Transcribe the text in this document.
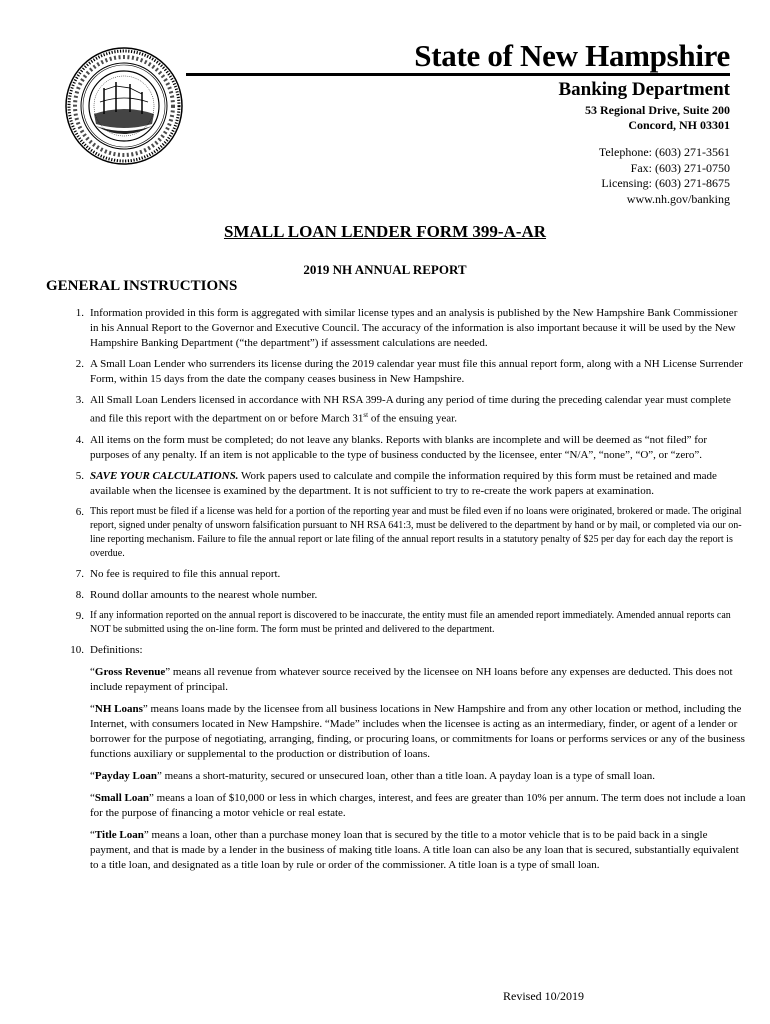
State of New Hampshire
Banking Department
53 Regional Drive, Suite 200
Concord, NH 03301
Telephone: (603) 271-3561
Fax: (603) 271-0750
Licensing: (603) 271-8675
www.nh.gov/banking
SMALL LOAN LENDER FORM 399-A-AR
2019 NH ANNUAL REPORT
GENERAL INSTRUCTIONS
1. Information provided in this form is aggregated with similar license types and an analysis is published by the New Hampshire Bank Commissioner in his Annual Report to the Governor and Executive Council. The accuracy of the information is also important because it will be used by the New Hampshire Banking Department (“the department”) if assessment calculations are needed.
2. A Small Loan Lender who surrenders its license during the 2019 calendar year must file this annual report form, along with a NH License Surrender Form, within 15 days from the date the company ceases business in New Hampshire.
3. All Small Loan Lenders licensed in accordance with NH RSA 399-A during any period of time during the preceding calendar year must complete and file this report with the department on or before March 31st of the ensuing year.
4. All items on the form must be completed; do not leave any blanks. Reports with blanks are incomplete and will be deemed as “not filed” for purposes of any penalty. If an item is not applicable to the type of business conducted by the licensee, enter “N/A”, “none”, “O”, or “zero”.
5. SAVE YOUR CALCULATIONS. Work papers used to calculate and compile the information required by this form must be retained and made available when the licensee is examined by the department. It is not sufficient to try to re-create the work papers at examination.
6. This report must be filed if a license was held for a portion of the reporting year and must be filed even if no loans were originated, brokered or made. The original report, signed under penalty of unsworn falsification pursuant to NH RSA 641:3, must be delivered to the department by hand or by mail, or completed via our on-line reporting mechanism. Failure to file the annual report or late filing of the annual report results in a statutory penalty of $25 per day for each day the report is overdue.
7. No fee is required to file this annual report.
8. Round dollar amounts to the nearest whole number.
9. If any information reported on the annual report is discovered to be inaccurate, the entity must file an amended report immediately. Amended annual reports can NOT be submitted using the on-line form. The form must be printed and delivered to the department.
10. Definitions:

“Gross Revenue” means all revenue from whatever source received by the licensee on NH loans before any expenses are deducted. This does not include repayment of principal.

“NH Loans” means loans made by the licensee from all business locations in New Hampshire and from any other location or method, including the Internet, with consumers located in New Hampshire. “Made” includes when the licensee is acting as an intermediary, finder, or agent of a lender or borrower for the purpose of negotiating, arranging, finding, or procuring loans, or commitments for loans or performs services or any of the business functions auxiliary or supplemental to the production or distribution of loans.

“Payday Loan” means a short-maturity, secured or unsecured loan, other than a title loan. A payday loan is a type of small loan.

“Small Loan” means a loan of $10,000 or less in which charges, interest, and fees are greater than 10% per annum. The term does not include a loan for the purpose of financing a motor vehicle or real estate.

“Title Loan” means a loan, other than a purchase money loan that is secured by the title to a motor vehicle that is to be paid back in a single payment, and that is made by a lender in the business of making title loans. A title loan can also be any loan that is secured, substantially equivalent to a title loan, and designated as a title loan by rule or order of the commissioner. A title loan is a type of small loan.

Revised 10/2019
